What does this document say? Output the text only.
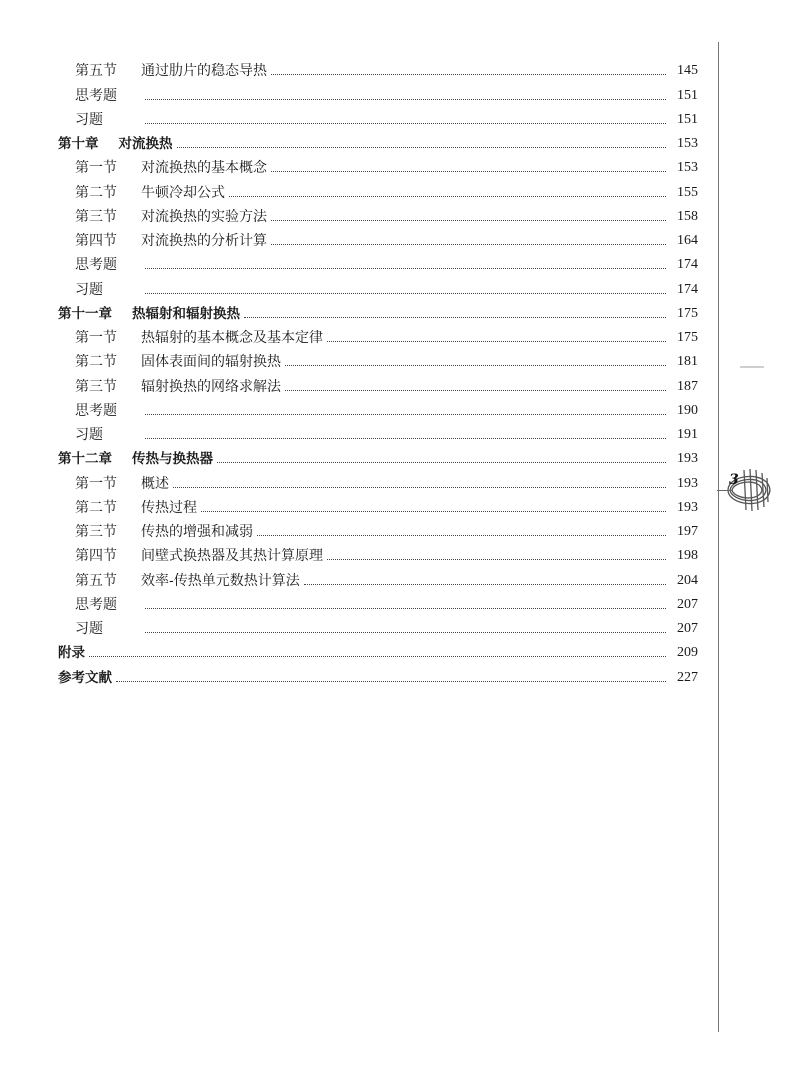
第五节	通过肋片的稳态导热	145
思考题	151
习题	151
第十章 对流换热	153
第一节	对流换热的基本概念	153
第二节	牛顿冷却公式	155
第三节	对流换热的实验方法	158
第四节	对流换热的分析计算	164
思考题	174
习题	174
第十一章 热辐射和辐射换热	175
第一节	热辐射的基本概念及基本定律	175
第二节	固体表面间的辐射换热	181
第三节	辐射换热的网络求解法	187
思考题	190
习题	191
第十二章 传热与换热器	193
第一节	概述	193
第二节	传热过程	193
第三节	传热的增强和减弱	197
第四节	间壁式换热器及其热计算原理	198
第五节	效率-传热单元数热计算法	204
思考题	207
习题	207
附录	209
参考文献	227
3
